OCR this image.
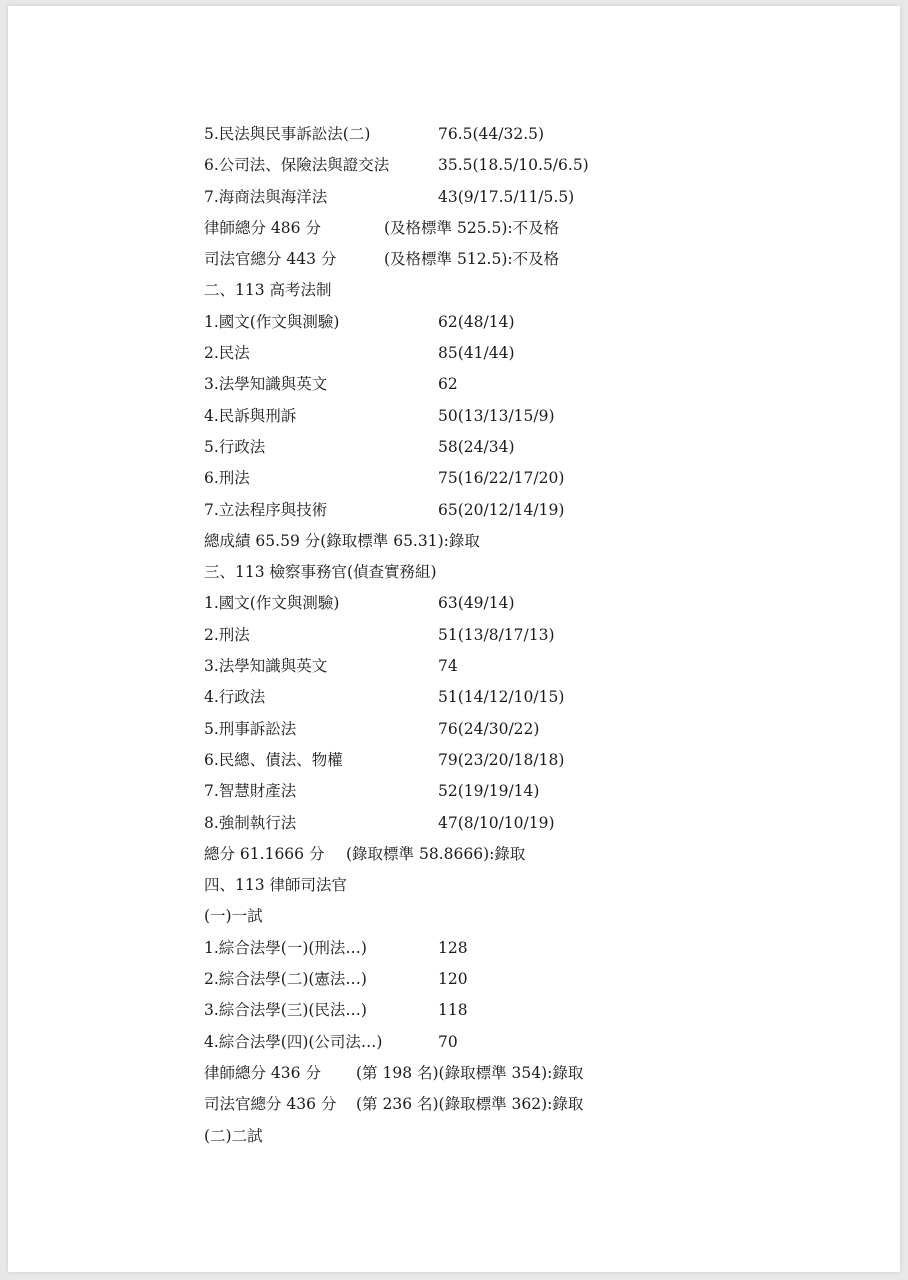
5.民法與民事訴訟法(二)	76.5(44/32.5)
6.公司法、保險法與證交法	35.5(18.5/10.5/6.5)
7.海商法與海洋法	43(9/17.5/11/5.5)
律師總分 486 分	(及格標準 525.5):不及格
司法官總分 443 分	(及格標準 512.5):不及格
二、113 高考法制
1.國文(作文與測驗)	62(48/14)
2.民法	85(41/44)
3.法學知識與英文	62
4.民訴與刑訴	50(13/13/15/9)
5.行政法	58(24/34)
6.刑法	75(16/22/17/20)
7.立法程序與技術	65(20/12/14/19)
總成績 65.59 分(錄取標準 65.31):錄取
三、113 檢察事務官(偵查實務組)
1.國文(作文與測驗)	63(49/14)
2.刑法	51(13/8/17/13)
3.法學知識與英文	74
4.行政法	51(14/12/10/15)
5.刑事訴訟法	76(24/30/22)
6.民總、債法、物權	79(23/20/18/18)
7.智慧財產法	52(19/19/14)
8.強制執行法	47(8/10/10/19)
總分 61.1666 分 (錄取標準 58.8666):錄取
四、113 律師司法官
(一)一試
1.綜合法學(一)(刑法…)	128
2.綜合法學(二)(憲法…)	120
3.綜合法學(三)(民法…)	118
4.綜合法學(四)(公司法…)	70
律師總分 436 分 (第 198 名)(錄取標準 354):錄取
司法官總分 436 分 (第 236 名)(錄取標準 362):錄取
(二)二試
